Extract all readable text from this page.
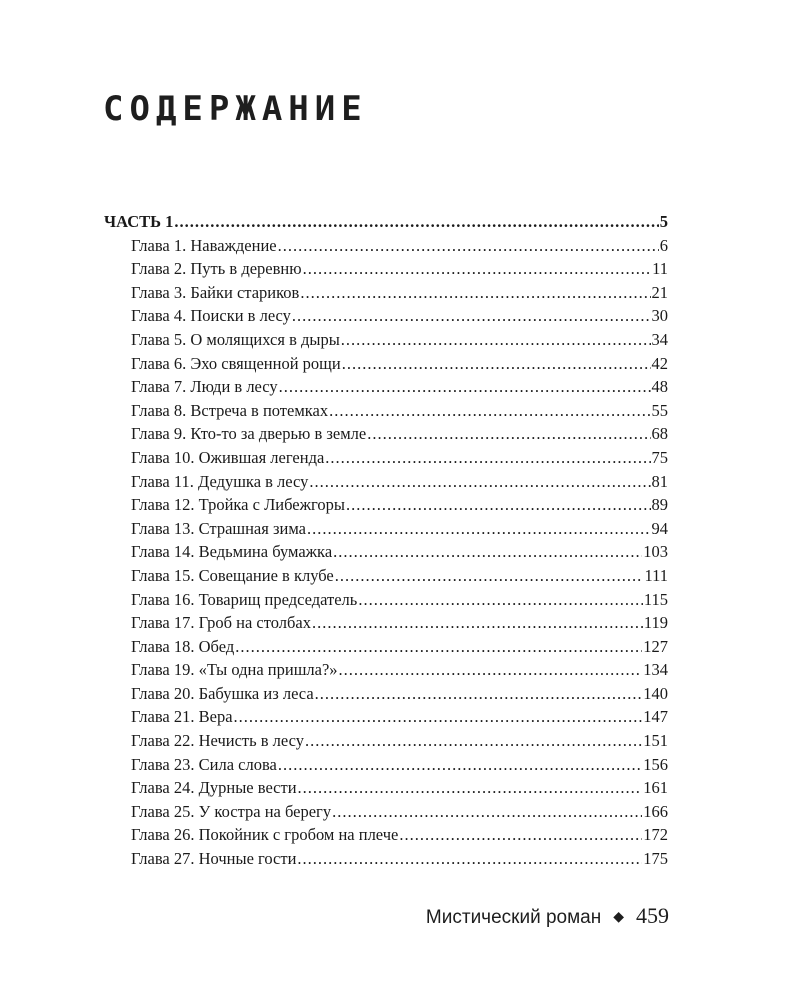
СОДЕРЖАНИЕ
ЧАСТЬ 1 .....	5
Глава 1. Наваждение .....	6
Глава 2. Путь в деревню .....	11
Глава 3. Байки стариков .....	21
Глава 4. Поиски в лесу .....	30
Глава 5. О молящихся в дыры .....	34
Глава 6. Эхо священной рощи .....	42
Глава 7. Люди в лесу .....	48
Глава 8. Встреча в потемках .....	55
Глава 9. Кто-то за дверью в земле .....	68
Глава 10. Ожившая легенда .....	75
Глава 11. Дедушка в лесу .....	81
Глава 12. Тройка с Либежгоры .....	89
Глава 13. Страшная зима .....	94
Глава 14. Ведьмина бумажка .....	103
Глава 15. Совещание в клубе .....	111
Глава 16. Товарищ председатель .....	115
Глава 17. Гроб на столбах .....	119
Глава 18. Обед .....	127
Глава 19. «Ты одна пришла?» .....	134
Глава 20. Бабушка из леса .....	140
Глава 21. Вера .....	147
Глава 22. Нечисть в лесу .....	151
Глава 23. Сила слова .....	156
Глава 24. Дурные вести .....	161
Глава 25. У костра на берегу .....	166
Глава 26. Покойник с гробом на плече .....	172
Глава 27. Ночные гости .....	175
Мистический роман ◆ 459
